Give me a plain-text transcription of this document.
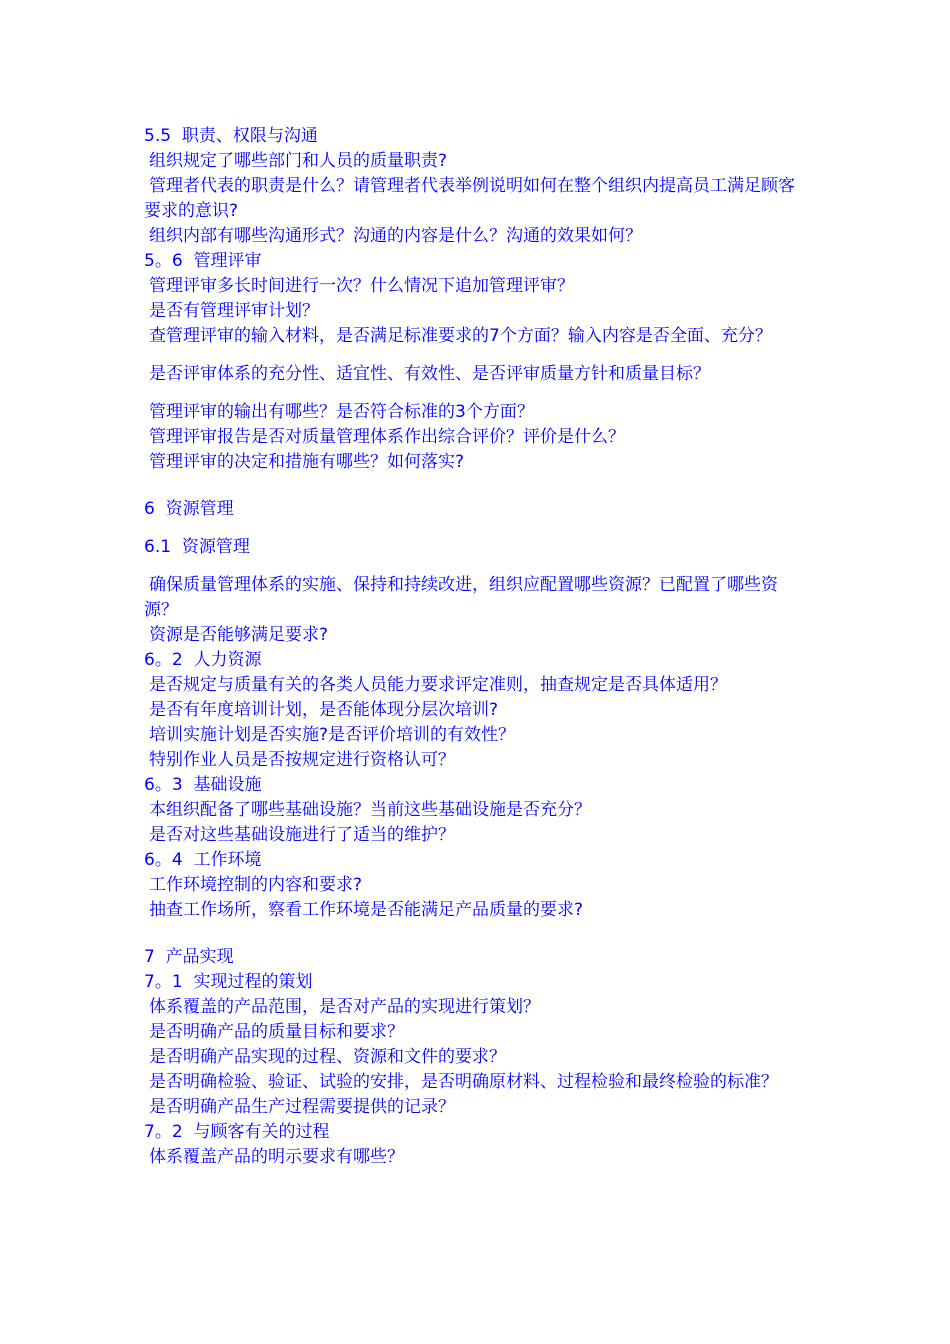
5.5  职责、权限与沟通

组织规定了哪些部门和人员的质量职责?

管理者代表的职责是什么？请管理者代表举例说明如何在整个组织内提高员工满足顾客要求的意识?

组织内部有哪些沟通形式？沟通的内容是什么？沟通的效果如何？

5。6  管理评审

管理评审多长时间进行一次？什么情况下追加管理评审？

是否有管理评审计划？

查管理评审的输入材料，是否满足标准要求的7个方面？输入内容是否全面、充分？

是否评审体系的充分性、适宜性、有效性、是否评审质量方针和质量目标？

管理评审的输出有哪些？是否符合标准的3个方面？

管理评审报告是否对质量管理体系作出综合评价？评价是什么？

管理评审的决定和措施有哪些？如何落实?

6  资源管理

6.1  资源管理

确保质量管理体系的实施、保持和持续改进，组织应配置哪些资源？已配置了哪些资源？

资源是否能够满足要求?

6。2  人力资源

是否规定与质量有关的各类人员能力要求评定准则，抽查规定是否具体适用？

是否有年度培训计划，是否能体现分层次培训?

培训实施计划是否实施?是否评价培训的有效性？

特别作业人员是否按规定进行资格认可？

6。3  基础设施

本组织配备了哪些基础设施？当前这些基础设施是否充分？

是否对这些基础设施进行了适当的维护？

6。4  工作环境

工作环境控制的内容和要求?

抽查工作场所，察看工作环境是否能满足产品质量的要求?

7  产品实现

7。1  实现过程的策划

体系覆盖的产品范围，是否对产品的实现进行策划？

是否明确产品的质量目标和要求？

是否明确产品实现的过程、资源和文件的要求？

是否明确检验、验证、试验的安排，是否明确原材料、过程检验和最终检验的标准？

是否明确产品生产过程需要提供的记录？

7。2  与顾客有关的过程

体系覆盖产品的明示要求有哪些？
